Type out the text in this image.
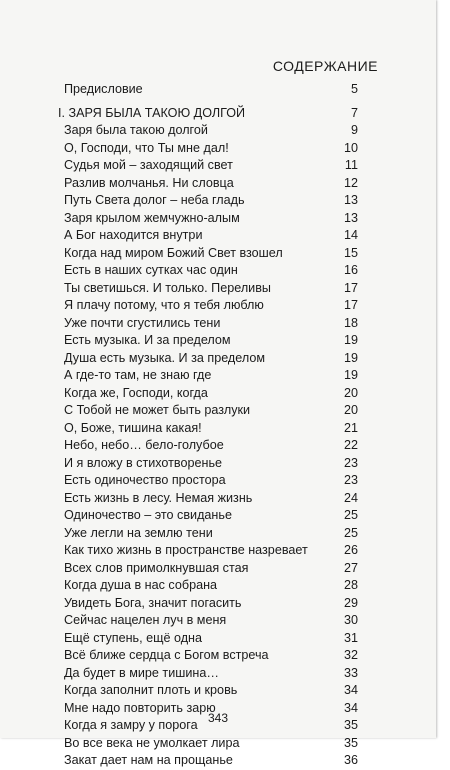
СОДЕРЖАНИЕ
Предисловие	5
I. ЗАРЯ БЫЛА ТАКОЮ ДОЛГОЙ	7
Заря была такою долгой	9
О, Господи, что Ты мне дал!	10
Судья мой – заходящий свет	11
Разлив молчанья. Ни словца	12
Путь Света долог – неба гладь	13
Заря крылом жемчужно-алым	13
А Бог находится внутри	14
Когда над миром Божий Свет взошел	15
Есть в наших сутках час один	16
Ты светишься. И только. Переливы	17
Я плачу потому, что я тебя люблю	17
Уже почти сгустились тени	18
Есть музыка. И за пределом	19
Душа есть музыка. И за пределом	19
А где-то там, не знаю где	19
Когда же, Господи, когда	20
С Тобой не может быть разлуки	20
О, Боже, тишина какая!	21
Небо, небо… бело-голубое	22
И я вложу в стихотворенье	23
Есть одиночество простора	23
Есть жизнь в лесу. Немая жизнь	24
Одиночество – это свиданье	25
Уже легли на землю тени	25
Как тихо жизнь в пространстве назревает	26
Всех слов примолкнувшая стая	27
Когда душа в нас собрана	28
Увидеть Бога, значит погасить	29
Сейчас нацелен луч в меня	30
Ещё ступень, ещё одна	31
Всё ближе сердца с Богом встреча	32
Да будет в мире тишина…	33
Когда заполнит плоть и кровь	34
Мне надо повторить зарю	34
Когда я замру у порога	35
Во все века не умолкает лира	35
Закат дает нам на прощанье	36
343
